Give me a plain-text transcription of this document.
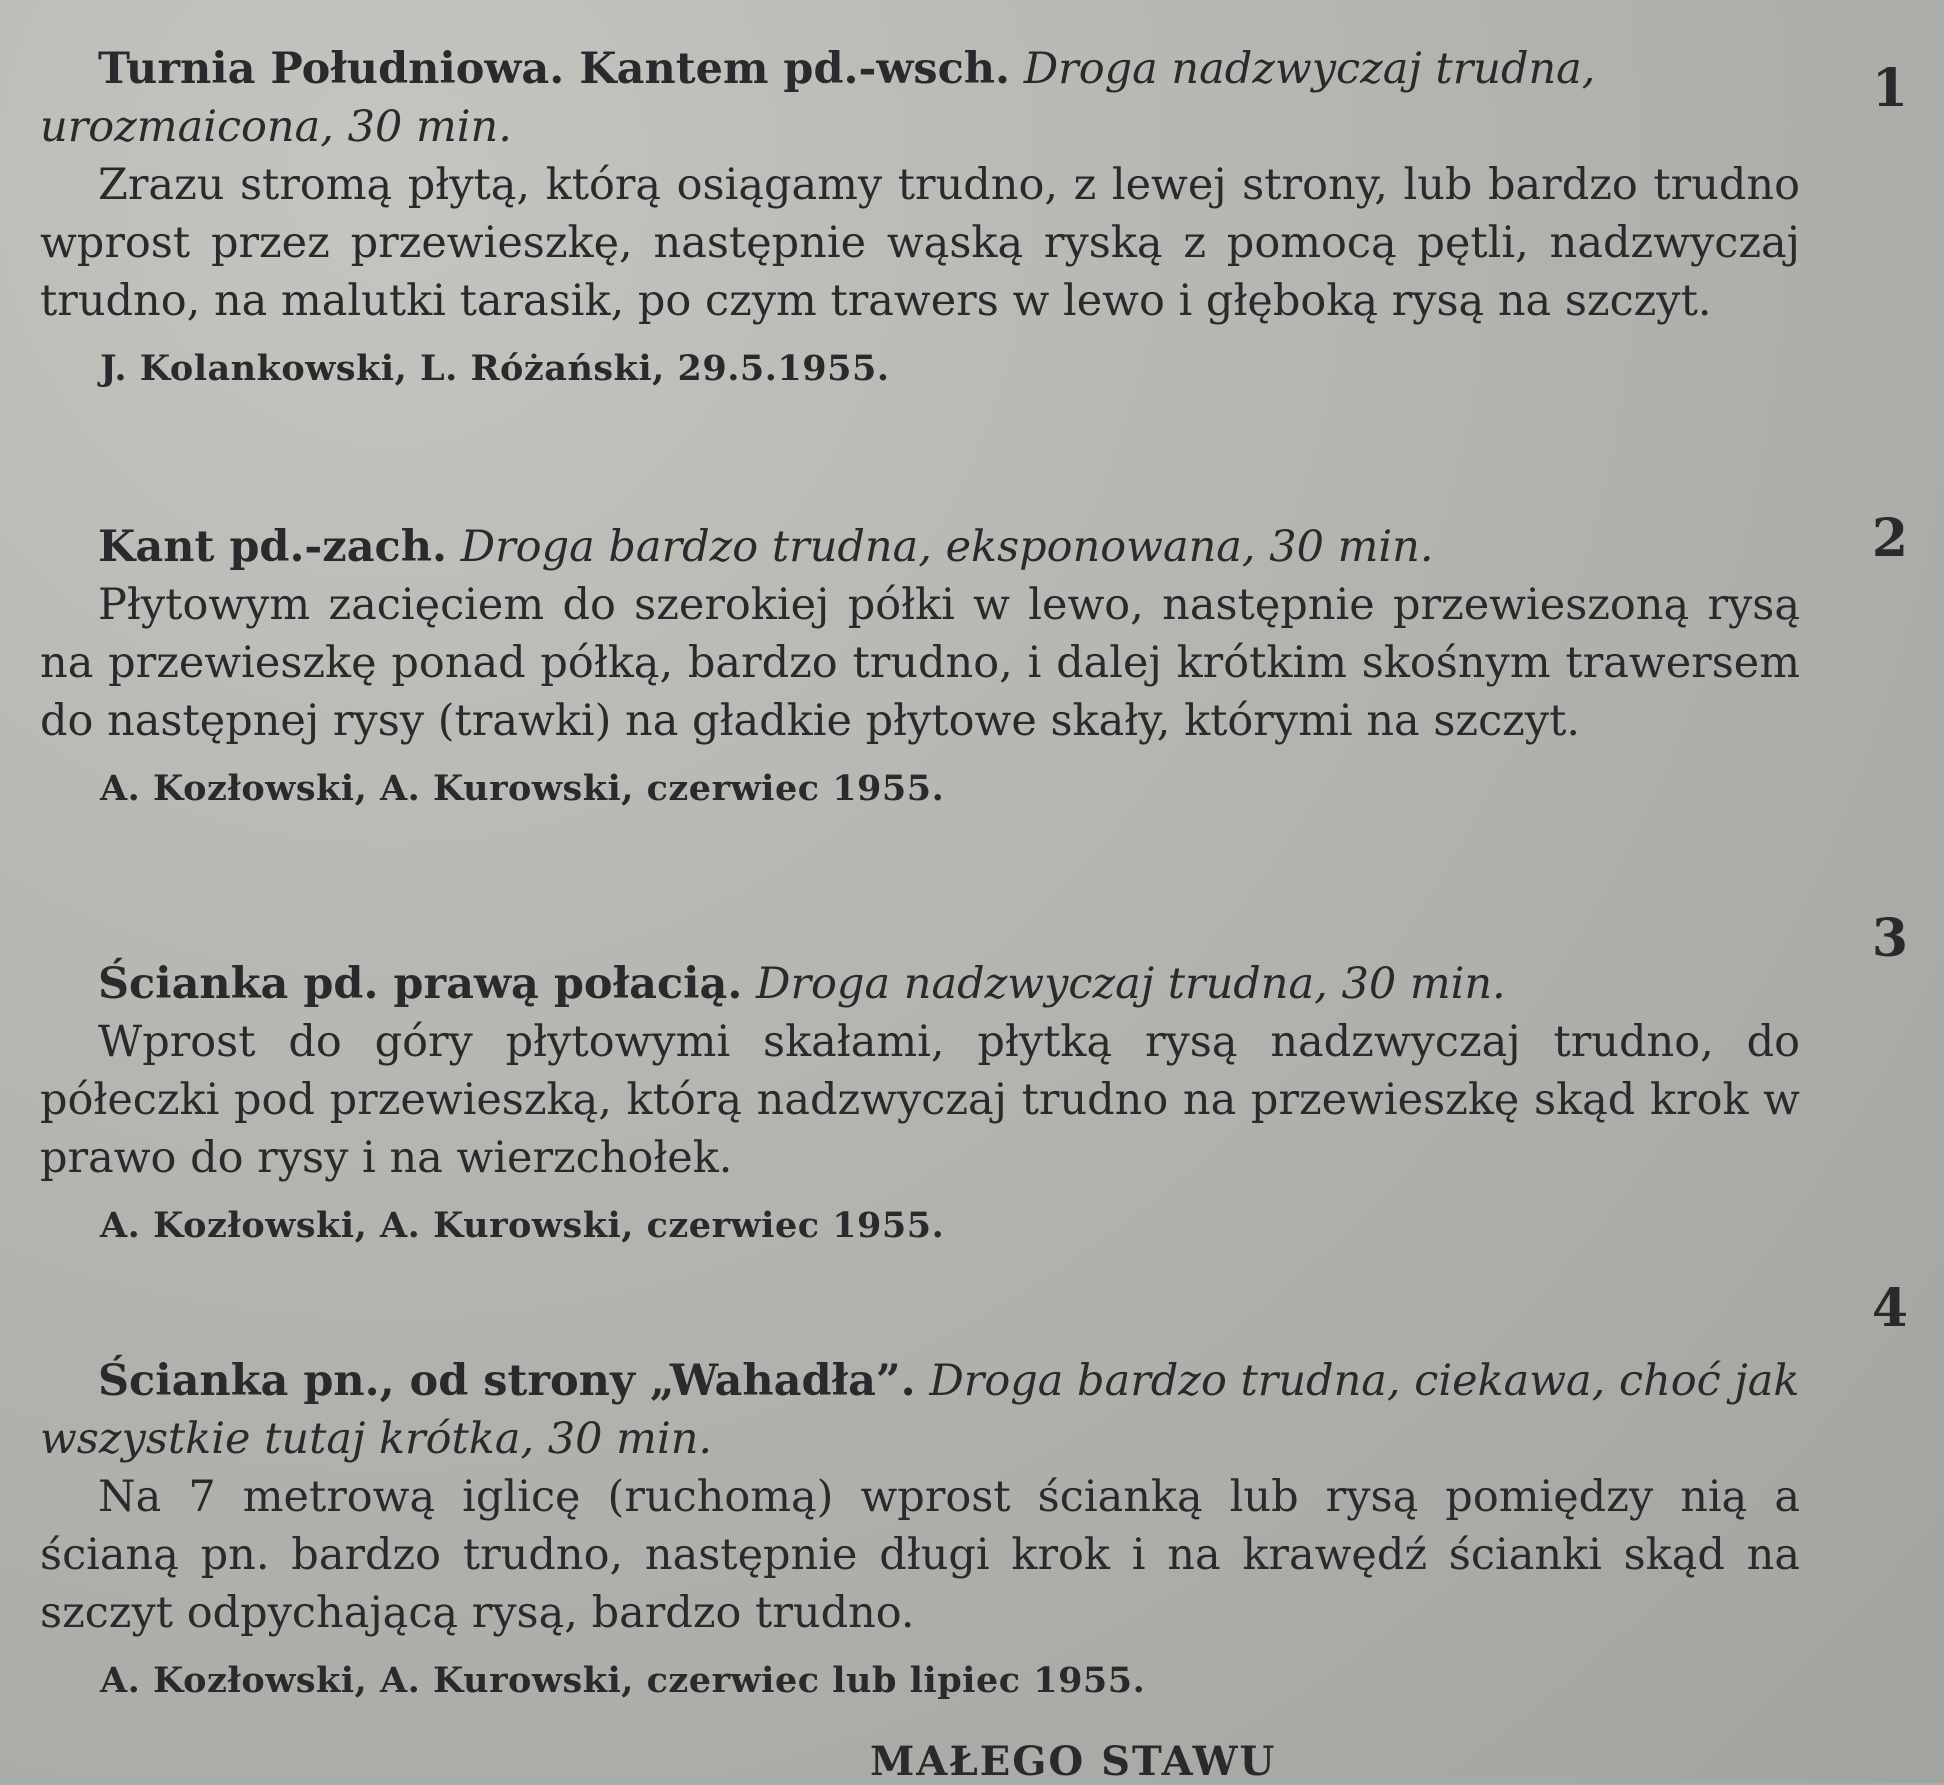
Turnia Południowa. Kantem pd.-wsch. Droga nadzwyczaj trudna, urozmaicona, 30 min.

Zrazu stromą płytą, którą osiągamy trudno, z lewej strony, lub bardzo trudno wprost przez przewieszkę, następnie wąską ryską z pomocą pętli, nadzwyczaj trudno, na malutki tarasik, po czym trawers w lewo i głęboką rysą na szczyt.

J. Kolankowski, L. Różański, 29.5.1955.

1

Kant pd.-zach. Droga bardzo trudna, eksponowana, 30 min.

Płytowym zacięciem do szerokiej półki w lewo, następnie przewieszoną rysą na przewieszkę ponad półką, bardzo trudno, i dalej krótkim skośnym trawersem do następnej rysy (trawki) na gładkie płytowe skały, którymi na szczyt.

A. Kozłowski, A. Kurowski, czerwiec 1955.

2

Ścianka pd. prawą połacią. Droga nadzwyczaj trudna, 30 min.

Wprost do góry płytowymi skałami, płytką rysą nadzwyczaj trudno, do półeczki pod przewieszką, którą nadzwyczaj trudno na przewieszkę skąd krok w prawo do rysy i na wierzchołek.

A. Kozłowski, A. Kurowski, czerwiec 1955.

3

Ścianka pn., od strony „Wahadła”. Droga bardzo trudna, ciekawa, choć jak wszystkie tutaj krótka, 30 min.

Na 7 metrową iglicę (ruchomą) wprost ścianką lub rysą pomiędzy nią a ścianą pn. bardzo trudno, następnie długi krok i na krawędź ścianki skąd na szczyt odpychającą rysą, bardzo trudno.

A. Kozłowski, A. Kurowski, czerwiec lub lipiec 1955.

4
MAŁEGO STAWU
